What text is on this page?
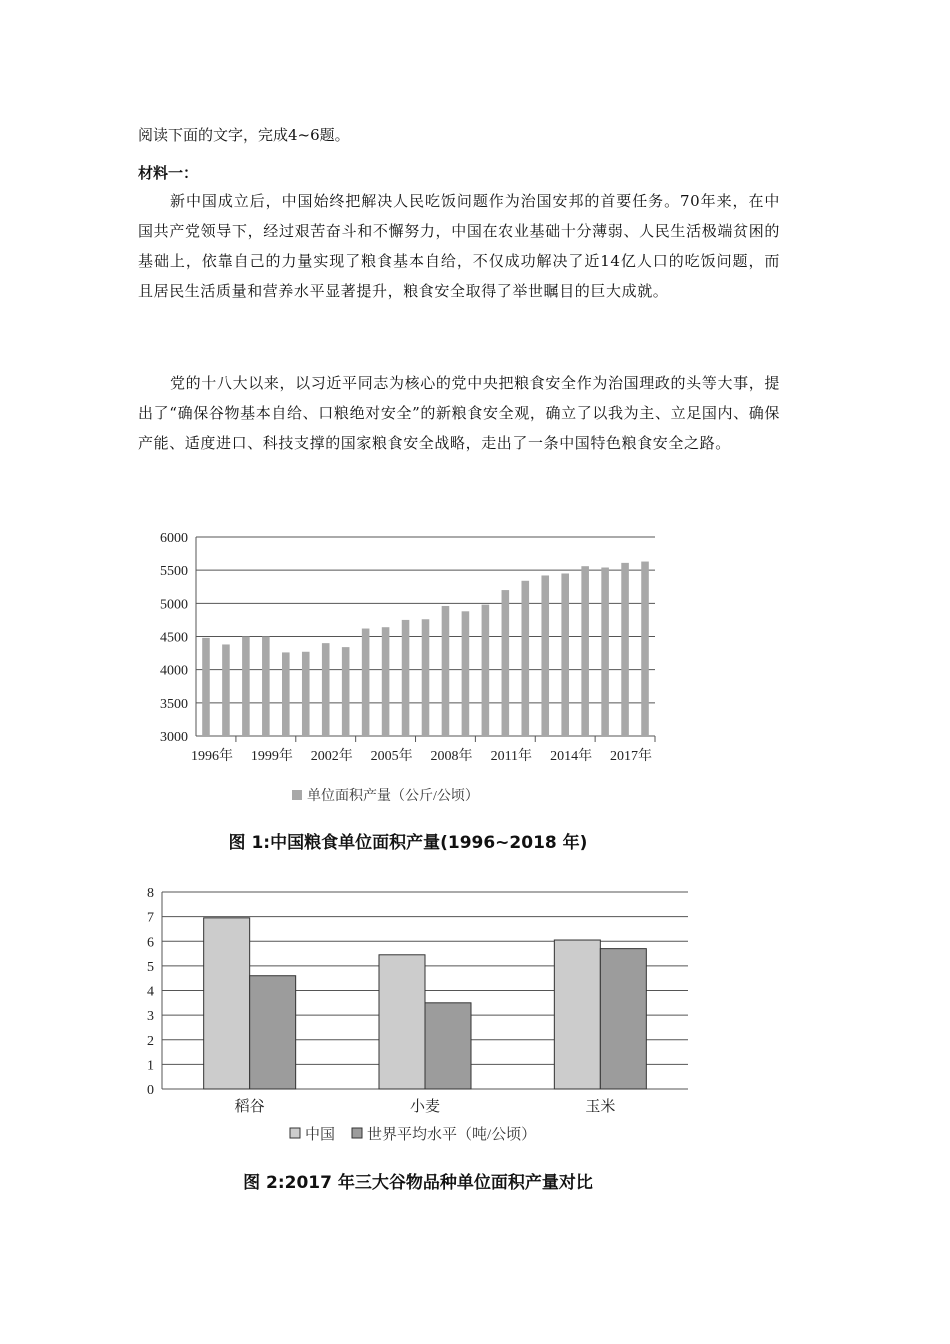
阅读下面的文字，完成4~6题。
材料一：
新中国成立后，中国始终把解决人民吃饭问题作为治国安邦的首要任务。70年来，在中国共产党领导下，经过艰苦奋斗和不懈努力，中国在农业基础十分薄弱、人民生活极端贫困的基础上，依靠自己的力量实现了粮食基本自给，不仅成功解决了近14亿人口的吃饭问题，而且居民生活质量和营养水平显著提升，粮食安全取得了举世瞩目的巨大成就。
党的十八大以来，以习近平同志为核心的党中央把粮食安全作为治国理政的头等大事，提出了“确保谷物基本自给、口粮绝对安全”的新粮食安全观，确立了以我为主、立足国内、确保产能、适度进口、科技支撑的国家粮食安全战略，走出了一条中国特色粮食安全之路。
3000
3500
4000
4500
5000
5500
6000
1996年 1999年 2002年 2005年 2008年 2011年 2014年 2017年
单位面积产量（公斤/公顷）
0
1
2
3
4
5
6
7
8
稻谷	小麦	玉米
中国 世界平均水平（吨/公顷）
图 1:中国粮食单位面积产量(1996~2018 年)
图 2:2017 年三大谷物品种单位面积产量对比
